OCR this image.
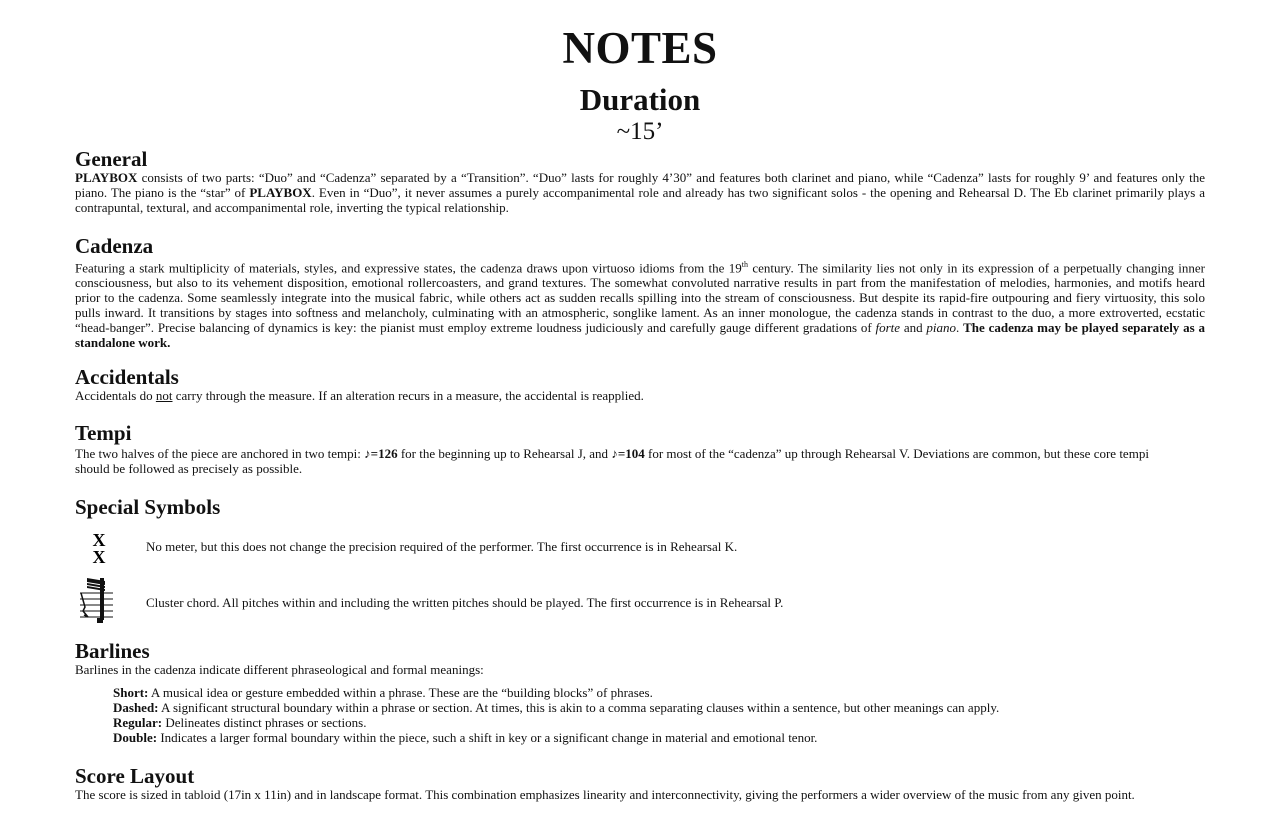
NOTES
Duration
~15’
General

PLAYBOX consists of two parts: “Duo” and “Cadenza” separated by a “Transition”. “Duo” lasts for roughly 4’30” and features both clarinet and piano, while “Cadenza” lasts for roughly 9’ and features only the piano. The piano is the “star” of PLAYBOX. Even in “Duo”, it never assumes a purely accompanimental role and already has two significant solos - the opening and Rehearsal D. The Eb clarinet primarily plays a contrapuntal, textural, and accompanimental role, inverting the typical relationship.

Cadenza

Featuring a stark multiplicity of materials, styles, and expressive states, the cadenza draws upon virtuoso idioms from the 19th century. The similarity lies not only in its expression of a perpetually changing inner consciousness, but also to its vehement disposition, emotional rollercoasters, and grand textures. The somewhat convoluted narrative results in part from the manifestation of melodies, harmonies, and motifs heard prior to the cadenza. Some seamlessly integrate into the musical fabric, while others act as sudden recalls spilling into the stream of consciousness. But despite its rapid-fire outpouring and fiery virtuosity, this solo pulls inward. It transitions by stages into softness and melancholy, culminating with an atmospheric, songlike lament. As an inner monologue, the cadenza stands in contrast to the duo, a more extroverted, ecstatic “head-banger”. Precise balancing of dynamics is key: the pianist must employ extreme loudness judiciously and carefully gauge different gradations of forte and piano. The cadenza may be played separately as a standalone work.

Accidentals

Accidentals do not carry through the measure. If an alteration recurs in a measure, the accidental is reapplied.

Tempi

The two halves of the piece are anchored in two tempi: ♪=126 for the beginning up to Rehearsal J, and ♪=104 for most of the “cadenza” up through Rehearsal V. Deviations are common, but these core tempi should be followed as precisely as possible.

Special Symbols
X
X
No meter, but this does not change the precision required of the performer. The first occurrence is in Rehearsal K.
Cluster chord. All pitches within and including the written pitches should be played. The first occurrence is in Rehearsal P.
Barlines

Barlines in the cadenza indicate different phraseological and formal meanings:

Short: A musical idea or gesture embedded within a phrase. These are the “building blocks” of phrases.
Dashed: A significant structural boundary within a phrase or section. At times, this is akin to a comma separating clauses within a sentence, but other meanings can apply.
Regular: Delineates distinct phrases or sections.
Double: Indicates a larger formal boundary within the piece, such a shift in key or a significant change in material and emotional tenor.
Score Layout

The score is sized in tabloid (17in x 11in) and in landscape format. This combination emphasizes linearity and interconnectivity, giving the performers a wider overview of the music from any given point.
